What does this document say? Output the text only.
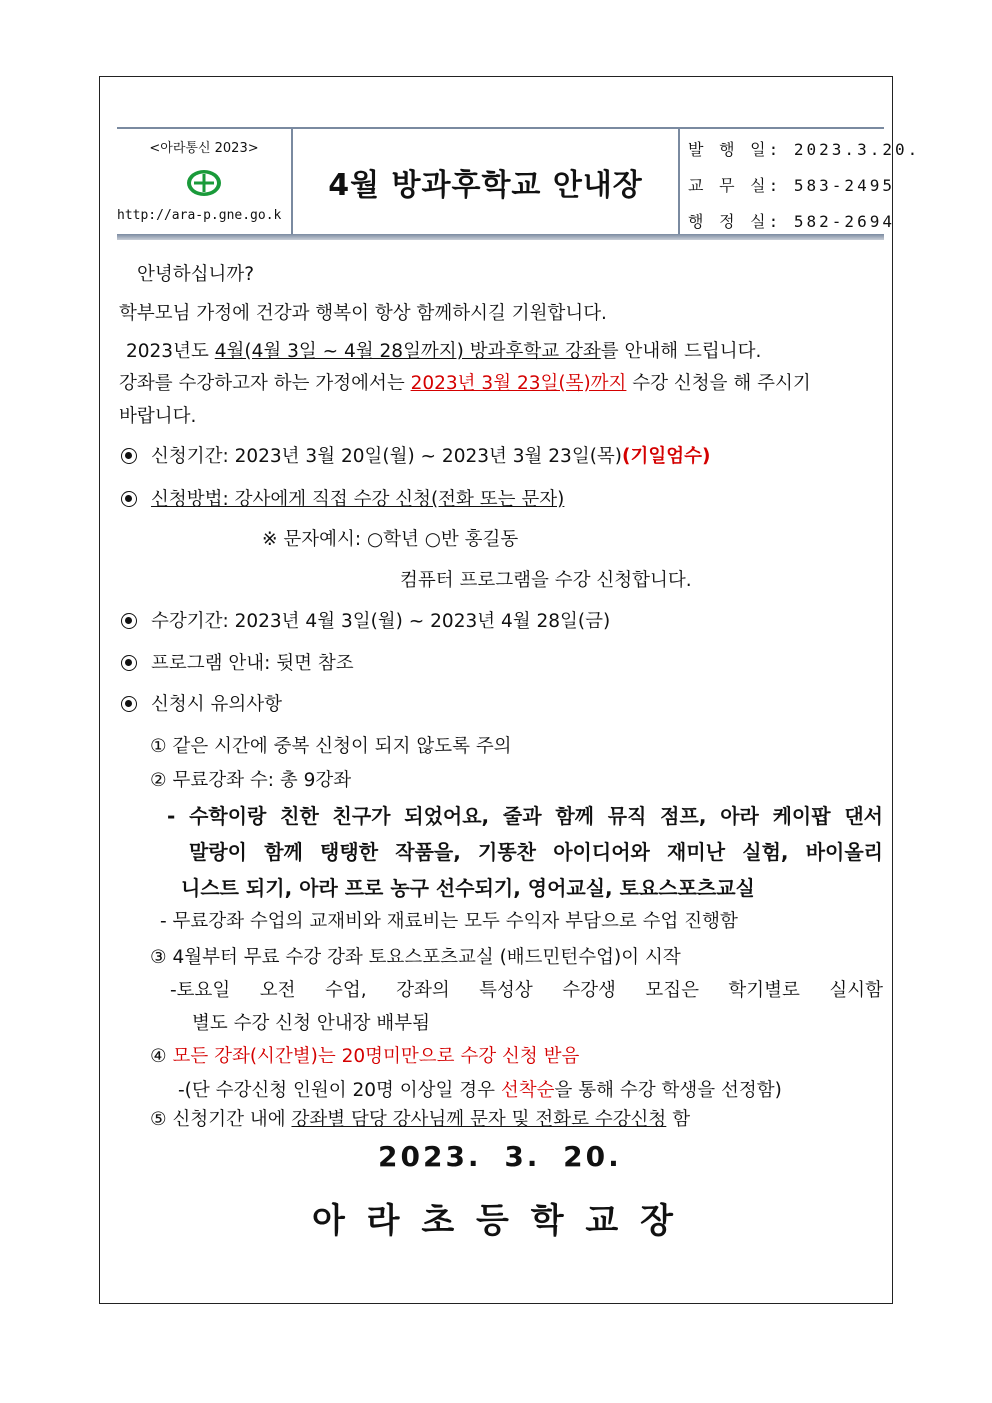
<아라통신 2023>
http://ara-p.gne.go.k
4월 방과후학교 안내장
발 행 일: 2023.3.20.
교 무 실: 583-2495
행 정 실: 582-2694
안녕하십니까?
학부모님 가정에 건강과 행복이 항상 함께하시길 기원합니다.
2023년도 4월(4월 3일 ~ 4월 28일까지) 방과후학교 강좌를 안내해 드립니다.
강좌를 수강하고자 하는 가정에서는 2023년 3월 23일(목)까지 수강 신청을 해 주시기
바랍니다.
신청기간: 2023년 3월 20일(월) ~ 2023년 3월 23일(목)(기일엄수)
신청방법: 강사에게 직접 수강 신청(전화 또는 문자)
※ 문자예시: ○학년 ○반 홍길동
컴퓨터 프로그램을 수강 신청합니다.
수강기간: 2023년 4월 3일(월) ~ 2023년 4월 28일(금)
프로그램 안내: 뒷면 참조
신청시 유의사항
① 같은 시간에 중복 신청이 되지 않도록 주의
② 무료강좌 수: 총 9강좌
- 수학이랑 친한 친구가 되었어요, 줄과 함께 뮤직 점프, 아라 케이팝 댄서
말랑이 함께 탱탱한 작품을, 기똥찬 아이디어와 재미난 실험, 바이올리
니스트 되기, 아라 프로 농구 선수되기, 영어교실, 토요스포츠교실
- 무료강좌 수업의 교재비와 재료비는 모두 수익자 부담으로 수업 진행함
③ 4월부터 무료 수강 강좌 토요스포츠교실 (배드민턴수업)이 시작
-토요일 오전 수업, 강좌의 특성상 수강생 모집은 학기별로 실시함
별도 수강 신청 안내장 배부됨
④ 모든 강좌(시간별)는 20명미만으로 수강 신청 받음
-(단 수강신청 인원이 20명 이상일 경우 선착순을 통해 수강 학생을 선정함)
⑤ 신청기간 내에 강좌별 담당 강사님께 문자 및 전화로 수강신청 함
2023. 3. 20.
아 라 초 등 학 교 장
